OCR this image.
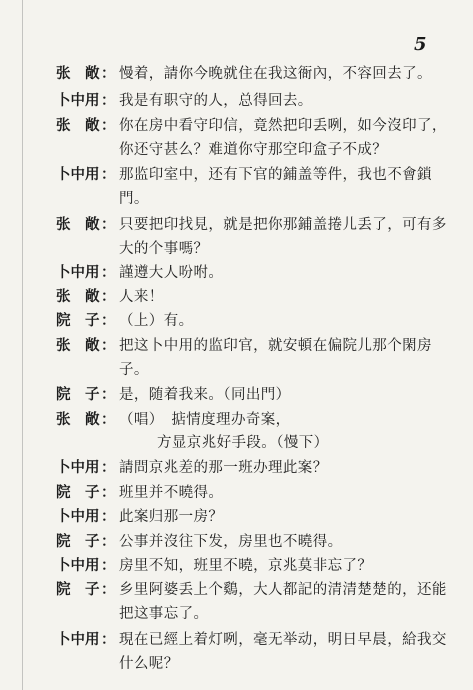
5
张　敞 ： 慢着，請你今晚就住在我这衙內，不容回去了。
卜中用 ： 我是有职守的人，总得回去。
张　敞 ： 你在房中看守印信，竟然把印丢咧，如今沒印了，
你还守甚么？难道你守那空印盒子不成？
卜中用 ： 那监印室中，还有下官的鋪盖等件，我也不會鎖
門。
张　敞 ： 只要把印找見，就是把你那鋪盖捲儿丢了，可有多
大的个事嗎？
卜中用 ： 謹遵大人吩咐。
张　敞 ： 人来！
院　子 ： （上）有。
张　敞 ： 把这卜中用的监印官，就安頓在偏院儿那个閑房
子。
院　子 ： 是，随着我来。（同出門）
张　敞 ： （唱）　掂情度理办奇案，
方显京兆好手段。（慢下）
卜中用 ： 請問京兆差的那一班办理此案？
院　子 ： 班里并不曉得。
卜中用 ： 此案归那一房？
院　子 ： 公事并沒往下发，房里也不曉得。
卜中用 ： 房里不知，班里不曉，京兆莫非忘了？
院　子 ： 乡里阿婆丢上个鷄，大人都記的清清楚楚的，还能
把这事忘了。
卜中用 ： 現在已經上着灯咧，毫无举动，明日早晨，給我交
什么呢？
